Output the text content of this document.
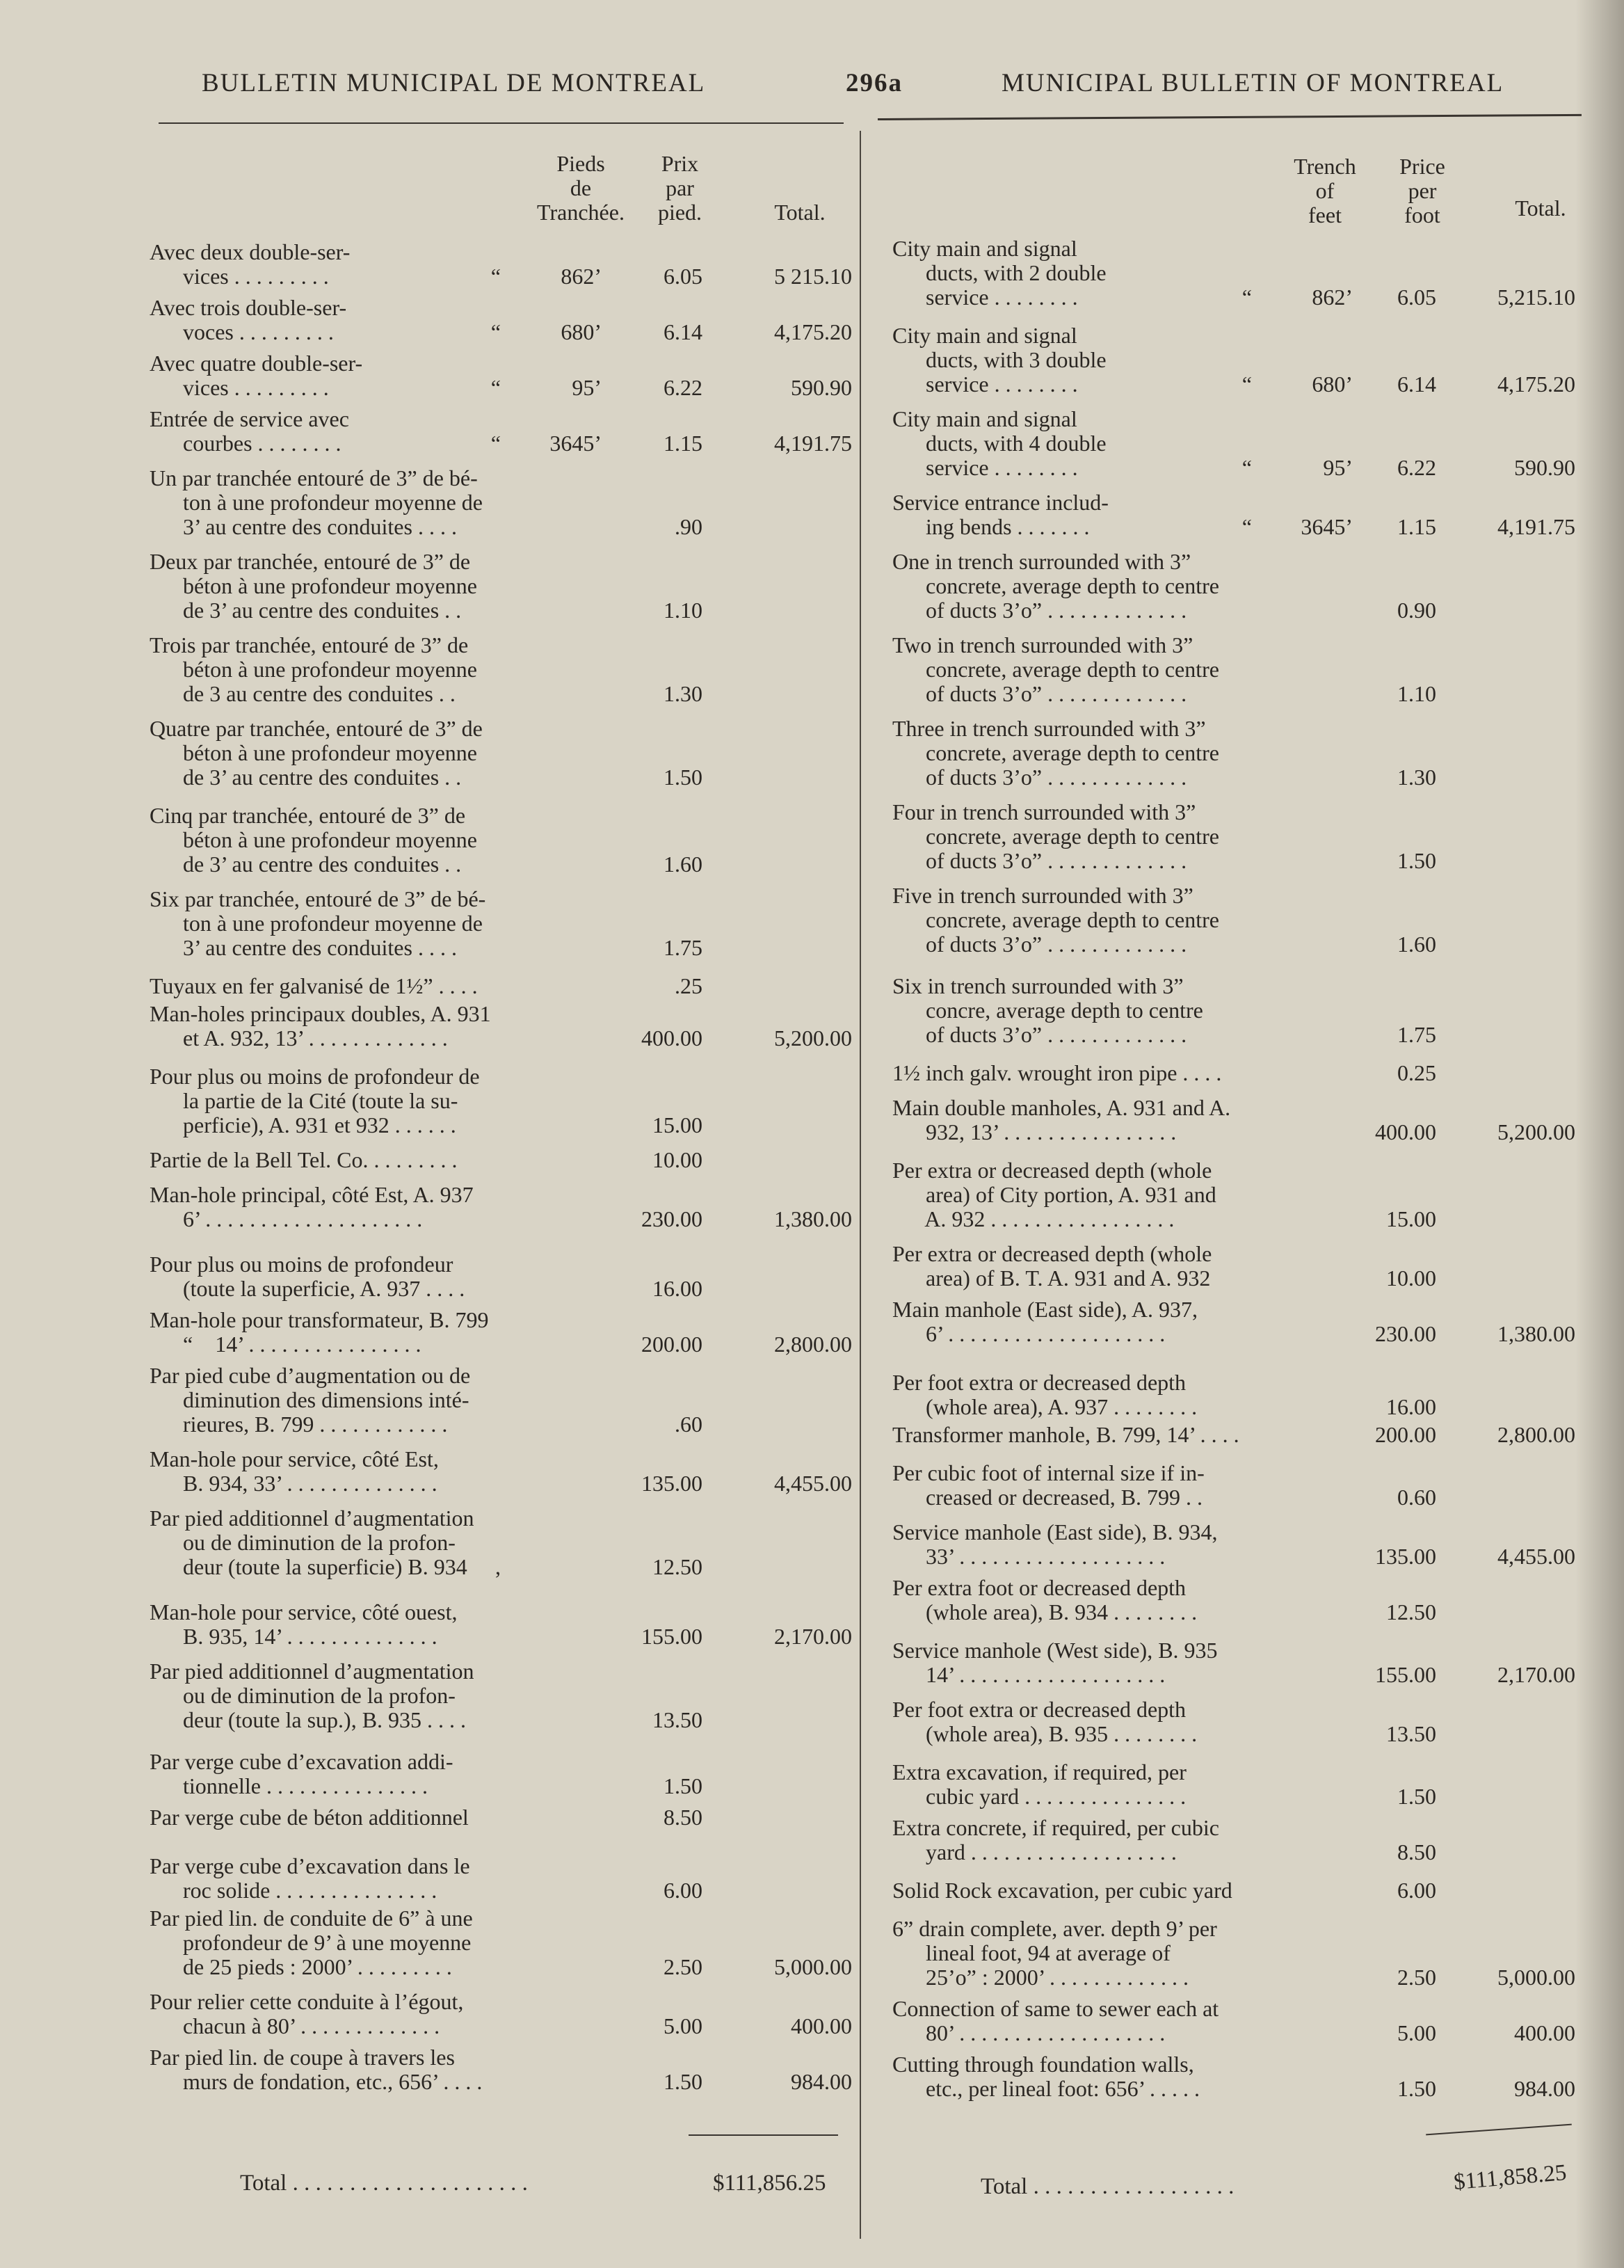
BULLETIN MUNICIPAL DE MONTREAL	296a	MUNICIPAL BULLETIN OF MONTREAL
Pieds
de
Tranchée.
Prix
par
pied.	Total.
Avec deux double-ser-
vices . . . . . . . . .	“	862’	6.05	5 215.10
Avec trois double-ser-
voces . . . . . . . . .	“	680’	6.14	4,175.20
Avec quatre double-ser-
vices . . . . . . . . .	“	95’	6.22	590.90
Entrée de service avec
courbes . . . . . . . .	“	3645’	1.15	4,191.75
Un par tranchée entouré de 3” de bé-
ton à une profondeur moyenne de
3’ au centre des conduites . . . .	.90
Deux par tranchée, entouré de 3” de
béton à une profondeur moyenne
de 3’ au centre des conduites . .	1.10
Trois par tranchée, entouré de 3” de
béton à une profondeur moyenne
de 3 au centre des conduites . .	1.30
Quatre par tranchée, entouré de 3” de
béton à une profondeur moyenne
de 3’ au centre des conduites . .	1.50
Cinq par tranchée, entouré de 3” de
béton à une profondeur moyenne
de 3’ au centre des conduites . .	1.60
Six par tranchée, entouré de 3” de bé-
ton à une profondeur moyenne de
3’ au centre des conduites . . . .	1.75
Tuyaux en fer galvanisé de 1½” . . . .	.25
Man-holes principaux doubles, A. 931
et A. 932, 13’ . . . . . . . . . . . . .	400.00	5,200.00
Pour plus ou moins de profondeur de
la partie de la Cité (toute la su-
perficie), A. 931 et 932 . . . . . .	15.00
Partie de la Bell Tel. Co. . . . . . . . .	10.00
Man-hole principal, côté Est, A. 937
6’ . . . . . . . . . . . . . . . . . . . .	230.00	1,380.00
Pour plus ou moins de profondeur
(toute la superficie, A. 937 . . . .	16.00
Man-hole pour transformateur, B. 799
“    14’ . . . . . . . . . . . . . . . .	200.00	2,800.00
Par pied cube d’augmentation ou de
diminution des dimensions inté-
rieures, B. 799 . . . . . . . . . . . .	.60
Man-hole pour service, côté Est,
B. 934, 33’ . . . . . . . . . . . . . .	135.00	4,455.00
Par pied additionnel d’augmentation
ou de diminution de la profon-
deur (toute la superficie) B. 934	,	12.50
Man-hole pour service, côté ouest,
B. 935, 14’ . . . . . . . . . . . . . .	155.00	2,170.00
Par pied additionnel d’augmentation
ou de diminution de la profon-
deur (toute la sup.), B. 935 . . . .	13.50
Par verge cube d’excavation addi-
tionnelle . . . . . . . . . . . . . . .	1.50
Par verge cube de béton additionnel	8.50
Par verge cube d’excavation dans le
roc solide . . . . . . . . . . . . . . .	6.00
Par pied lin. de conduite de 6” à une
profondeur de 9’ à une moyenne
de 25 pieds : 2000’ . . . . . . . . .	2.50	5,000.00
Pour relier cette conduite à l’égout,
chacun à 80’ . . . . . . . . . . . . .	5.00	400.00
Par pied lin. de coupe à travers les
murs de fondation, etc., 656’ . . . .	1.50	984.00
Total . . . . . . . . . . . . . . . . . . . . .	$111,856.25
Trench
of
feet
Price
per
foot	Total.
City main and signal
ducts, with 2 double
service . . . . . . . .	“	862’	6.05	5,215.10
City main and signal
ducts, with 3 double
service . . . . . . . .	“	680’	6.14	4,175.20
City main and signal
ducts, with 4 double
service . . . . . . . .	“	95’	6.22	590.90
Service entrance includ-
ing bends . . . . . . .	“	3645’	1.15	4,191.75
One in trench surrounded with 3”
concrete, average depth to centre
of ducts 3’o” . . . . . . . . . . . . .	0.90
Two in trench surrounded with 3”
concrete, average depth to centre
of ducts 3’o” . . . . . . . . . . . . .	1.10
Three in trench surrounded with 3”
concrete, average depth to centre
of ducts 3’o” . . . . . . . . . . . . .	1.30
Four in trench surrounded with 3”
concrete, average depth to centre
of ducts 3’o” . . . . . . . . . . . . .	1.50
Five in trench surrounded with 3”
concrete, average depth to centre
of ducts 3’o” . . . . . . . . . . . . .	1.60
Six in trench surrounded with 3”
concre, average depth to centre
of ducts 3’o” . . . . . . . . . . . . .	1.75
1½ inch galv. wrought iron pipe . . . .	0.25
Main double manholes, A. 931 and A.
932, 13’ . . . . . . . . . . . . . . . .	400.00	5,200.00
Per extra or decreased depth (whole
area) of City portion, A. 931 and
A. 932 . . . . . . . . . . . . . . . . .	15.00
Per extra or decreased depth (whole
area) of B. T. A. 931 and A. 932	10.00
Main manhole (East side), A. 937,
6’ . . . . . . . . . . . . . . . . . . . .	230.00	1,380.00
Per foot extra or decreased depth
(whole area), A. 937 . . . . . . . .	16.00
Transformer manhole, B. 799, 14’ . . . .	200.00	2,800.00
Per cubic foot of internal size if in-
creased or decreased, B. 799 . .	0.60
Service manhole (East side), B. 934,
33’ . . . . . . . . . . . . . . . . . . .	135.00	4,455.00
Per extra foot or decreased depth
(whole area), B. 934 . . . . . . . .	12.50
Service manhole (West side), B. 935
14’ . . . . . . . . . . . . . . . . . . .	155.00	2,170.00
Per foot extra or decreased depth
(whole area), B. 935 . . . . . . . .	13.50
Extra excavation, if required, per
cubic yard . . . . . . . . . . . . . . .	1.50
Extra concrete, if required, per cubic
yard . . . . . . . . . . . . . . . . . . .	8.50
Solid Rock excavation, per cubic yard	6.00
6” drain complete, aver. depth 9’ per
lineal foot, 94 at average of
25’o” : 2000’ . . . . . . . . . . . . .	2.50	5,000.00
Connection of same to sewer each at
80’ . . . . . . . . . . . . . . . . . . .	5.00	400.00
Cutting through foundation walls,
etc., per lineal foot: 656’ . . . . .	1.50	984.00
Total . . . . . . . . . . . . . . . . . .	$111,858.25
